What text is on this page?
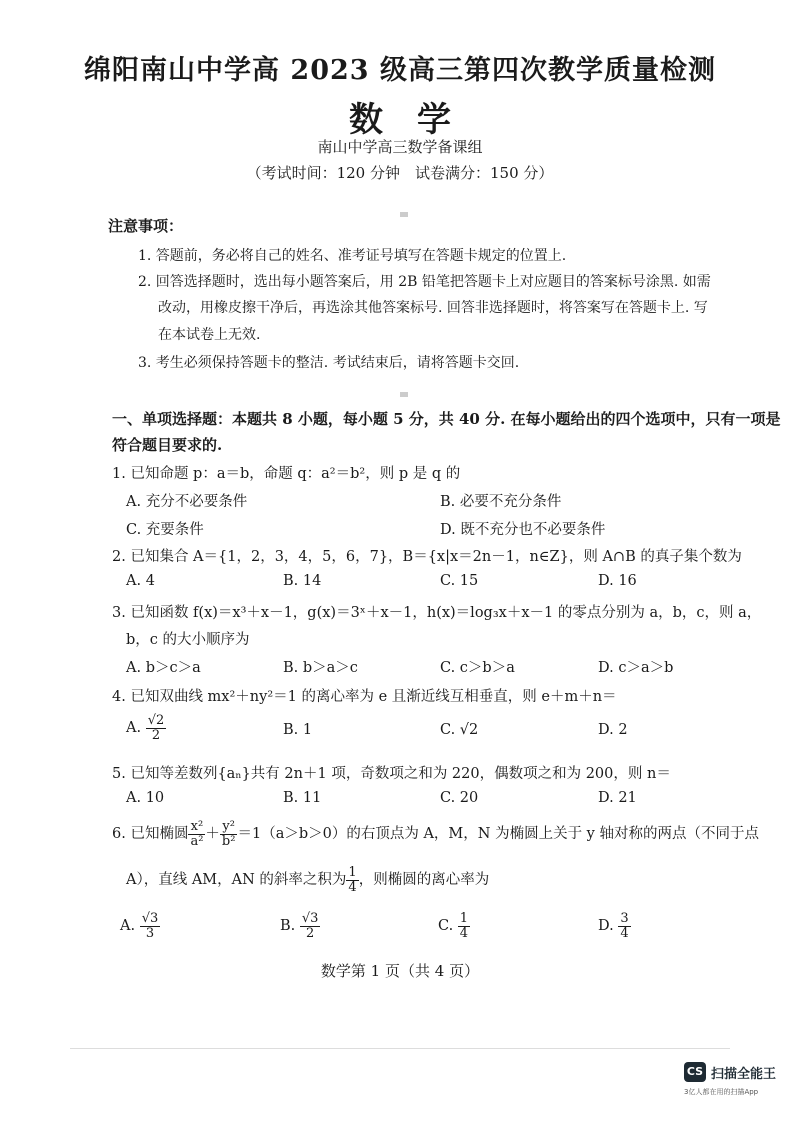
绵阳南山中学高 2023 级高三第四次教学质量检测
数学
南山中学高三数学备课组
（考试时间：120 分钟　试卷满分：150 分）
注意事项：
1. 答题前，务必将自己的姓名、准考证号填写在答题卡规定的位置上.
2. 回答选择题时，选出每小题答案后，用 2B 铅笔把答题卡上对应题目的答案标号涂黑. 如需
改动，用橡皮擦干净后，再选涂其他答案标号. 回答非选择题时，将答案写在答题卡上. 写
在本试卷上无效.
3. 考生必须保持答题卡的整洁. 考试结束后，请将答题卡交回.
一、单项选择题：本题共 8 小题，每小题 5 分，共 40 分. 在每小题给出的四个选项中，只有一项是
符合题目要求的.
1. 已知命题 p：a＝b，命题 q：a²＝b²，则 p 是 q 的
A. 充分不必要条件	B. 必要不充分条件
C. 充要条件	D. 既不充分也不必要条件
2. 已知集合 A＝{1，2，3，4，5，6，7}，B＝{x|x＝2n－1，n∈Z}，则 A∩B 的真子集个数为
A. 4	B. 14	C. 15	D. 16
3. 已知函数 f(x)＝x³＋x－1，g(x)＝3ˣ＋x－1，h(x)＝log₃x＋x－1 的零点分别为 a，b，c，则 a，
b，c 的大小顺序为
A. b＞c＞a	B. b＞a＞c	C. c＞b＞a	D. c＞a＞b
4. 已知双曲线 mx²＋ny²＝1 的离心率为 e 且渐近线互相垂直，则 e＋m＋n＝
A. $\frac{√2}{2}$	B. 1	C. √2	D. 2
5. 已知等差数列{aₙ}共有 2n＋1 项，奇数项之和为 220，偶数项之和为 200，则 n＝
A. 10	B. 11	C. 20	D. 21
6. 已知椭圆 $\frac{\text{x²}}{\text{a²}} + \frac{\text{y²}}{\text{b²}} =1(a>b>0)$的右顶点为 A，M，N 为椭圆上关于 y 轴对称的两点（不同于点
A），直线 AM，AN 的斜率之积为 $\frac{1}{4}$ ，则椭圆的离心率为
A. $\frac{√3}{3}$	B. $\frac{√3}{2}$	C. $\frac{1}{4}$	D. $\frac{3}{4}$
数学第 1 页（共 4 页）
CS 扫描全能王
3亿人都在用的扫描App
